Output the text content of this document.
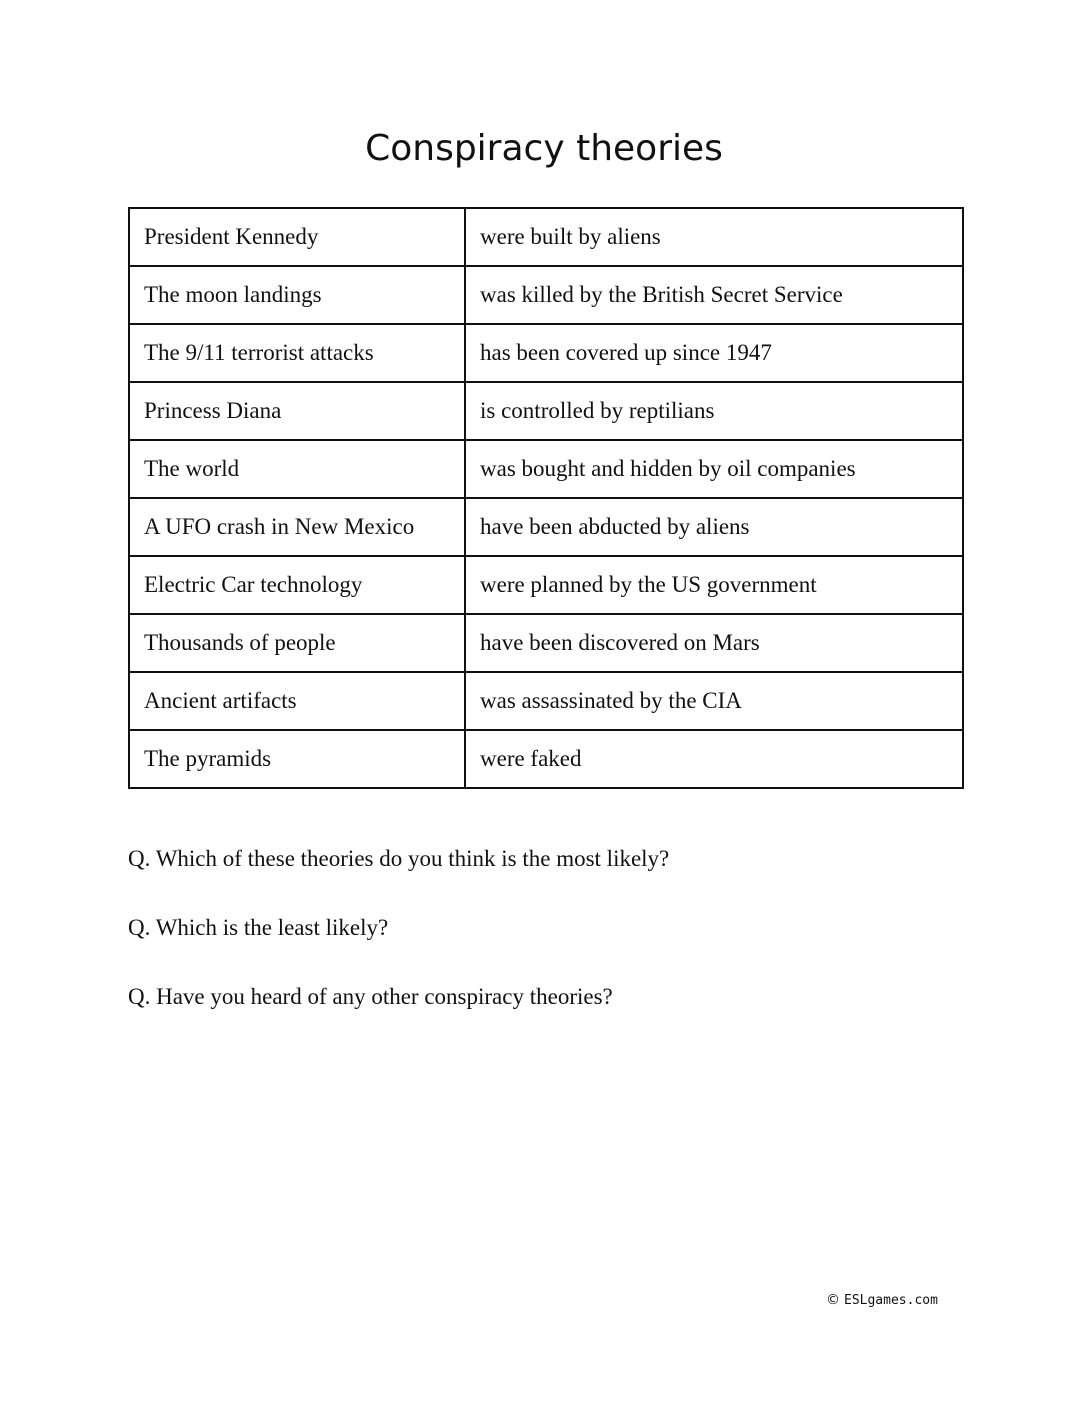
Conspiracy theories
President Kennedy	were built by aliens
The moon landings	was killed by the British Secret Service
The 9/11 terrorist attacks	has been covered up since 1947
Princess Diana	is controlled by reptilians
The world	was bought and hidden by oil companies
A UFO crash in New Mexico	have been abducted by aliens
Electric Car technology	were planned by the US government
Thousands of people	have been discovered on Mars
Ancient artifacts	was assassinated by the CIA
The pyramids	were faked
Q. Which of these theories do you think is the most likely?
Q. Which is the least likely?
Q. Have you heard of any other conspiracy theories?
© ESLgames.com
